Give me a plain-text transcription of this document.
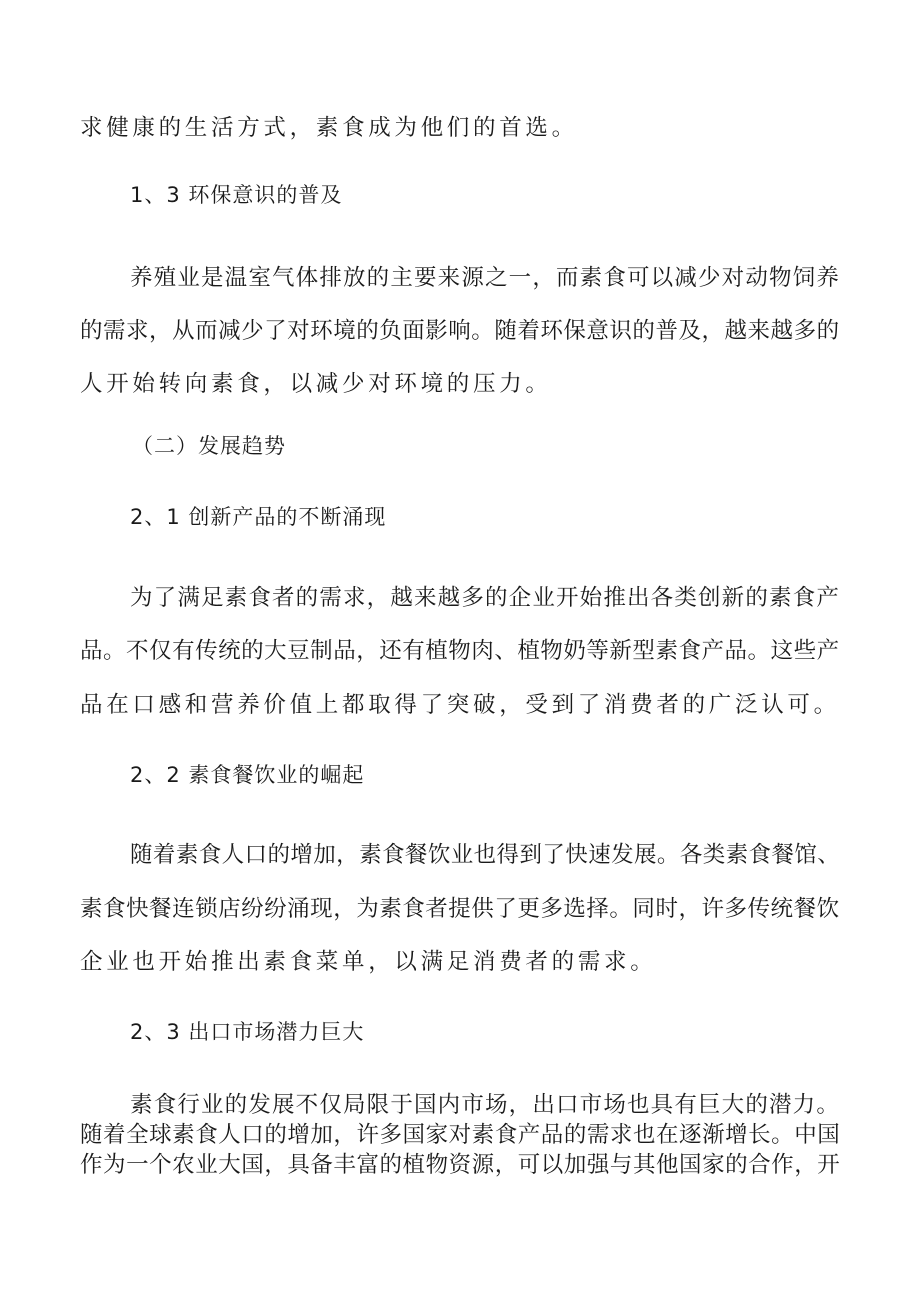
求健康的生活方式，素食成为他们的首选。
1、3 环保意识的普及
养殖业是温室气体排放的主要来源之一，而素食可以减少对动物饲养
的需求，从而减少了对环境的负面影响。随着环保意识的普及，越来越多的
人开始转向素食，以减少对环境的压力。
（二）发展趋势
2、1 创新产品的不断涌现
为了满足素食者的需求，越来越多的企业开始推出各类创新的素食产
品。不仅有传统的大豆制品，还有植物肉、植物奶等新型素食产品。这些产
品在口感和营养价值上都取得了突破，受到了消费者的广泛认可。
2、2 素食餐饮业的崛起
随着素食人口的增加，素食餐饮业也得到了快速发展。各类素食餐馆、
素食快餐连锁店纷纷涌现，为素食者提供了更多选择。同时，许多传统餐饮
企业也开始推出素食菜单，以满足消费者的需求。
2、3 出口市场潜力巨大
素食行业的发展不仅局限于国内市场，出口市场也具有巨大的潜力。
随着全球素食人口的增加，许多国家对素食产品的需求也在逐渐增长。中国
作为一个农业大国，具备丰富的植物资源，可以加强与其他国家的合作，开
